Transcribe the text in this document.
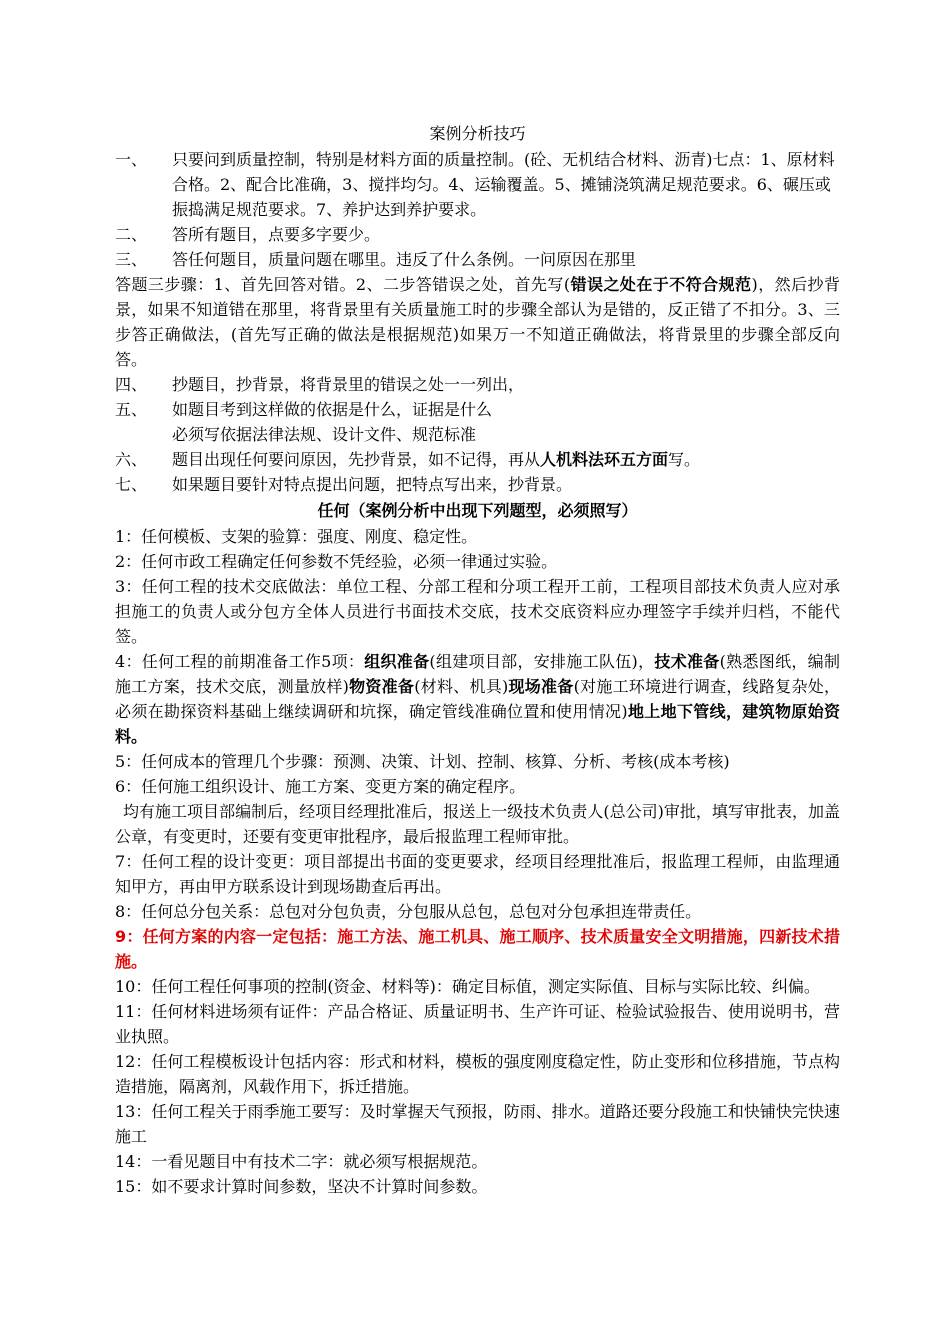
案例分析技巧
一、	只要问到质量控制，特别是材料方面的质量控制。(砼、无机结合材料、沥青)七点：1、原材料合格。2、配合比准确，3、搅拌均匀。4、运输覆盖。5、摊铺浇筑满足规范要求。6、碾压或振捣满足规范要求。7、养护达到养护要求。
二、	答所有题目，点要多字要少。
三、	答任何题目，质量问题在哪里。违反了什么条例。一问原因在那里

答题三步骤：1、首先回答对错。2、二步答错误之处，首先写(错误之处在于不符合规范)，然后抄背景，如果不知道错在那里，将背景里有关质量施工时的步骤全部认为是错的，反正错了不扣分。3、三步答正确做法，(首先写正确的做法是根据规范)如果万一不知道正确做法，将背景里的步骤全部反向答。

四、	抄题目，抄背景，将背景里的错误之处一一列出，
五、	如题目考到这样做的依据是什么，证据是什么
必须写依据法律法规、设计文件、规范标准
六、	题目出现任何要问原因，先抄背景，如不记得，再从人机料法环五方面写。
七、	如果题目要针对特点提出问题，把特点写出来，抄背景。
任何（案例分析中出现下列题型，必须照写）

1：任何模板、支架的验算：强度、刚度、稳定性。

2：任何市政工程确定任何参数不凭经验，必须一律通过实验。

3：任何工程的技术交底做法：单位工程、分部工程和分项工程开工前，工程项目部技术负责人应对承担施工的负责人或分包方全体人员进行书面技术交底，技术交底资料应办理签字手续并归档，不能代签。

4：任何工程的前期准备工作5项：组织准备(组建项目部，安排施工队伍)，技术准备(熟悉图纸，编制施工方案，技术交底，测量放样)物资准备(材料、机具)现场准备(对施工环境进行调查，线路复杂处，必须在勘探资料基础上继续调研和坑探，确定管线准确位置和使用情况)地上地下管线，建筑物原始资料。

5：任何成本的管理几个步骤：预测、决策、计划、控制、核算、分析、考核(成本考核)

6：任何施工组织设计、施工方案、变更方案的确定程序。

均有施工项目部编制后，经项目经理批准后，报送上一级技术负责人(总公司)审批，填写审批表，加盖公章，有变更时，还要有变更审批程序，最后报监理工程师审批。

7：任何工程的设计变更：项目部提出书面的变更要求，经项目经理批准后，报监理工程师，由监理通知甲方，再由甲方联系设计到现场勘查后再出。

8：任何总分包关系：总包对分包负责，分包服从总包，总包对分包承担连带责任。

9：任何方案的内容一定包括：施工方法、施工机具、施工顺序、技术质量安全文明措施，四新技术措施。

10：任何工程任何事项的控制(资金、材料等)：确定目标值，测定实际值、目标与实际比较、纠偏。

11：任何材料进场须有证件：产品合格证、质量证明书、生产许可证、检验试验报告、使用说明书，营业执照。

12：任何工程模板设计包括内容：形式和材料，模板的强度刚度稳定性，防止变形和位移措施，节点构造措施，隔离剂，风载作用下，拆迁措施。

13：任何工程关于雨季施工要写：及时掌握天气预报，防雨、排水。道路还要分段施工和快铺快完快速施工

14：一看见题目中有技术二字：就必须写根据规范。

15：如不要求计算时间参数，坚决不计算时间参数。
